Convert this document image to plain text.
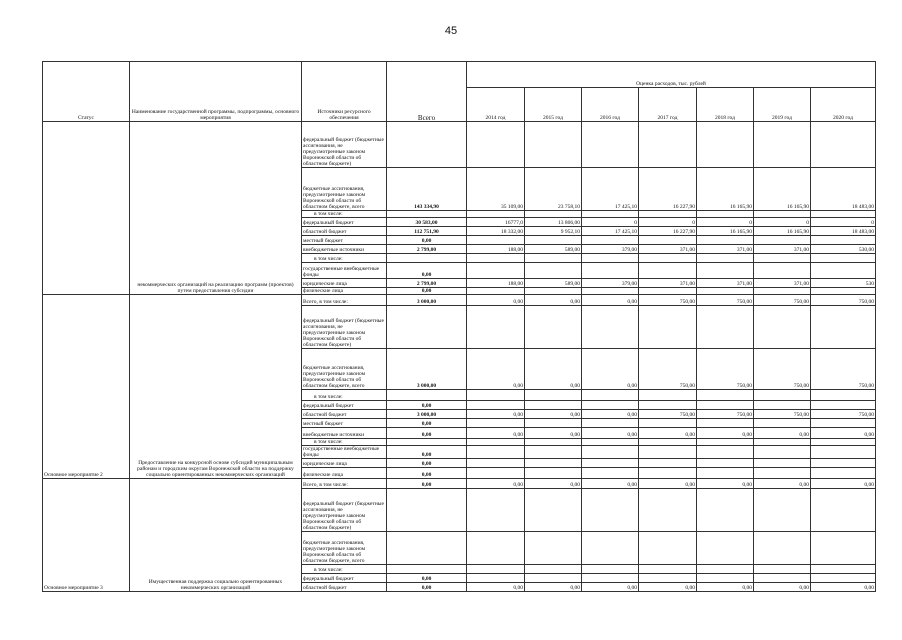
45
Статус	Наименование государственной программы, подпрограммы, основного мероприятия	Источники ресурсного обеспечения	Всего	Оценка расходов, тыс. рублей						
				2014 год	2015 год	2016 год	2017 год	2018 год	2019 год	2020 год
	некоммерческих организаций на реализацию программ (проектов) путем предоставления субсидии	федеральный бюджет (бюджетные ассигнования, не предусмотренные законом Воронежской области об областном бюджете)								
		бюджетные ассигнования, предусмотренные законом Воронежской области об областном бюджете, всего	143 334,90	35 109,00	23 758,10	17 425,10	16 227,90	16 165,90	16 165,90	18 483,00
		в том числе:								
		федеральный бюджет	30 583,00	16777,0	13 806,00	0	0	0	0	0
		областной бюджет	112 751,90	18 332,00	9 952,10	17 425,10	16 227,90	16 165,90	16 165,90	18 483,00
		местный бюджет	0,00							
		внебюджетные источники	2 799,00	188,00	589,00	379,00	371,00	371,00	371,00	530,00
		в том числе:								
		государственные внебюджетные фонды	0,00							
		юридические лица	2 799,00	188,00	589,00	379,00	371,00	371,00	371,00	530
		физические лица	0,00							
Основное мероприятие 2	Предоставление на конкурсной основе субсидий муниципальным районам и городским округам Воронежской области на поддержку социально ориентированных некоммерческих организаций	Всего, в том числе:	3 000,00	0,00	0,00	0,00	750,00	750,00	750,00	750,00
		федеральный бюджет (бюджетные ассигнования, не предусмотренные законом Воронежской области об областном бюджете)								
		бюджетные ассигнования, предусмотренные законом Воронежской области об областном бюджете, всего	3 000,00	0,00	0,00	0,00	750,00	750,00	750,00	750,00
		в том числе:								
		федеральный бюджет	0,00							
		областной бюджет	3 000,00	0,00	0,00	0,00	750,00	750,00	750,00	750,00
		местный бюджет	0,00							
		внебюджетные источники	0,00	0,00	0,00	0,00	0,00	0,00	0,00	0,00
		в том числе:								
		государственные внебюджетные фонды	0,00							
		юридические лица	0,00							
		физические лица	0,00							
Основное мероприятие 3	Имущественная поддержка социально ориентированных некоммерческих организаций	Всего, в том числе:	0,00	0,00	0,00	0,00	0,00	0,00	0,00	0,00
		федеральный бюджет (бюджетные ассигнования, не предусмотренные законом Воронежской области об областном бюджете)								
		бюджетные ассигнования, предусмотренные законом Воронежской области об областном бюджете, всего								
		в том числе:								
		федеральный бюджет	0,00							
		областной бюджет	0,00	0,00	0,00	0,00	0,00	0,00	0,00	0,00
